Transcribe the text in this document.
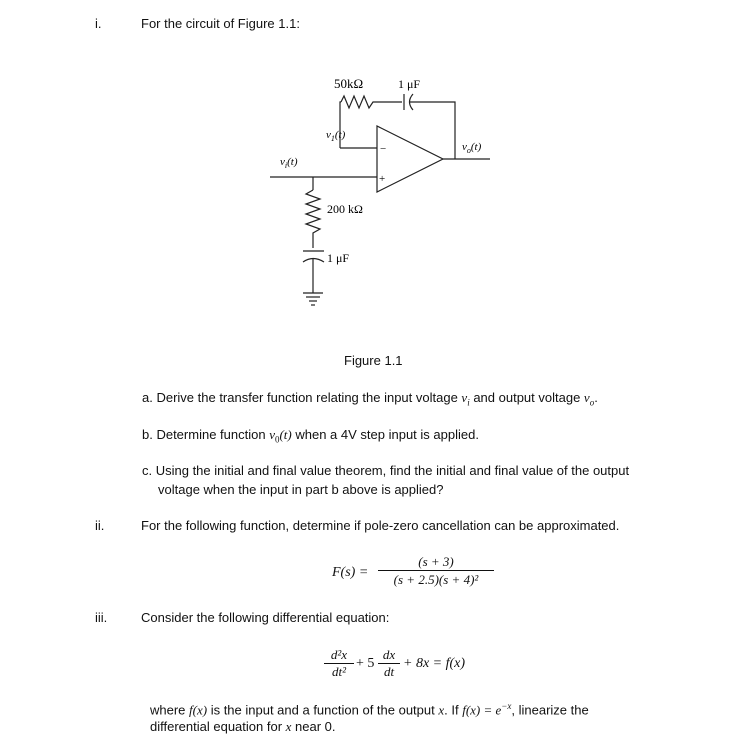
i.	For the circuit of Figure 1.1:
50kΩ	1 μF
$v_1(t)$
$v_i(t)$
$v_o(t)$
−
+
200 kΩ
1 μF
Figure 1.1
a. Derive the transfer function relating the input voltage $v_i$ and output voltage $v_o$.
b. Determine function $v_0(t)$ when a 4V step input is applied.
c. Using the initial and final value theorem, find the initial and final value of the output
voltage when the input in part b above is applied?
ii.	For the following function, determine if pole-zero cancellation can be approximated.
F(s) =
(s + 3)
(s + 2.5)(s + 4)²
iii.	Consider the following differential equation:
d²x
dt²
+ 5
dx
dt
+ 8x = f(x)
where f(x) is the input and a function of the output x. If $f(x) = e^{-x}$, linearize the
differential equation for x near 0.
